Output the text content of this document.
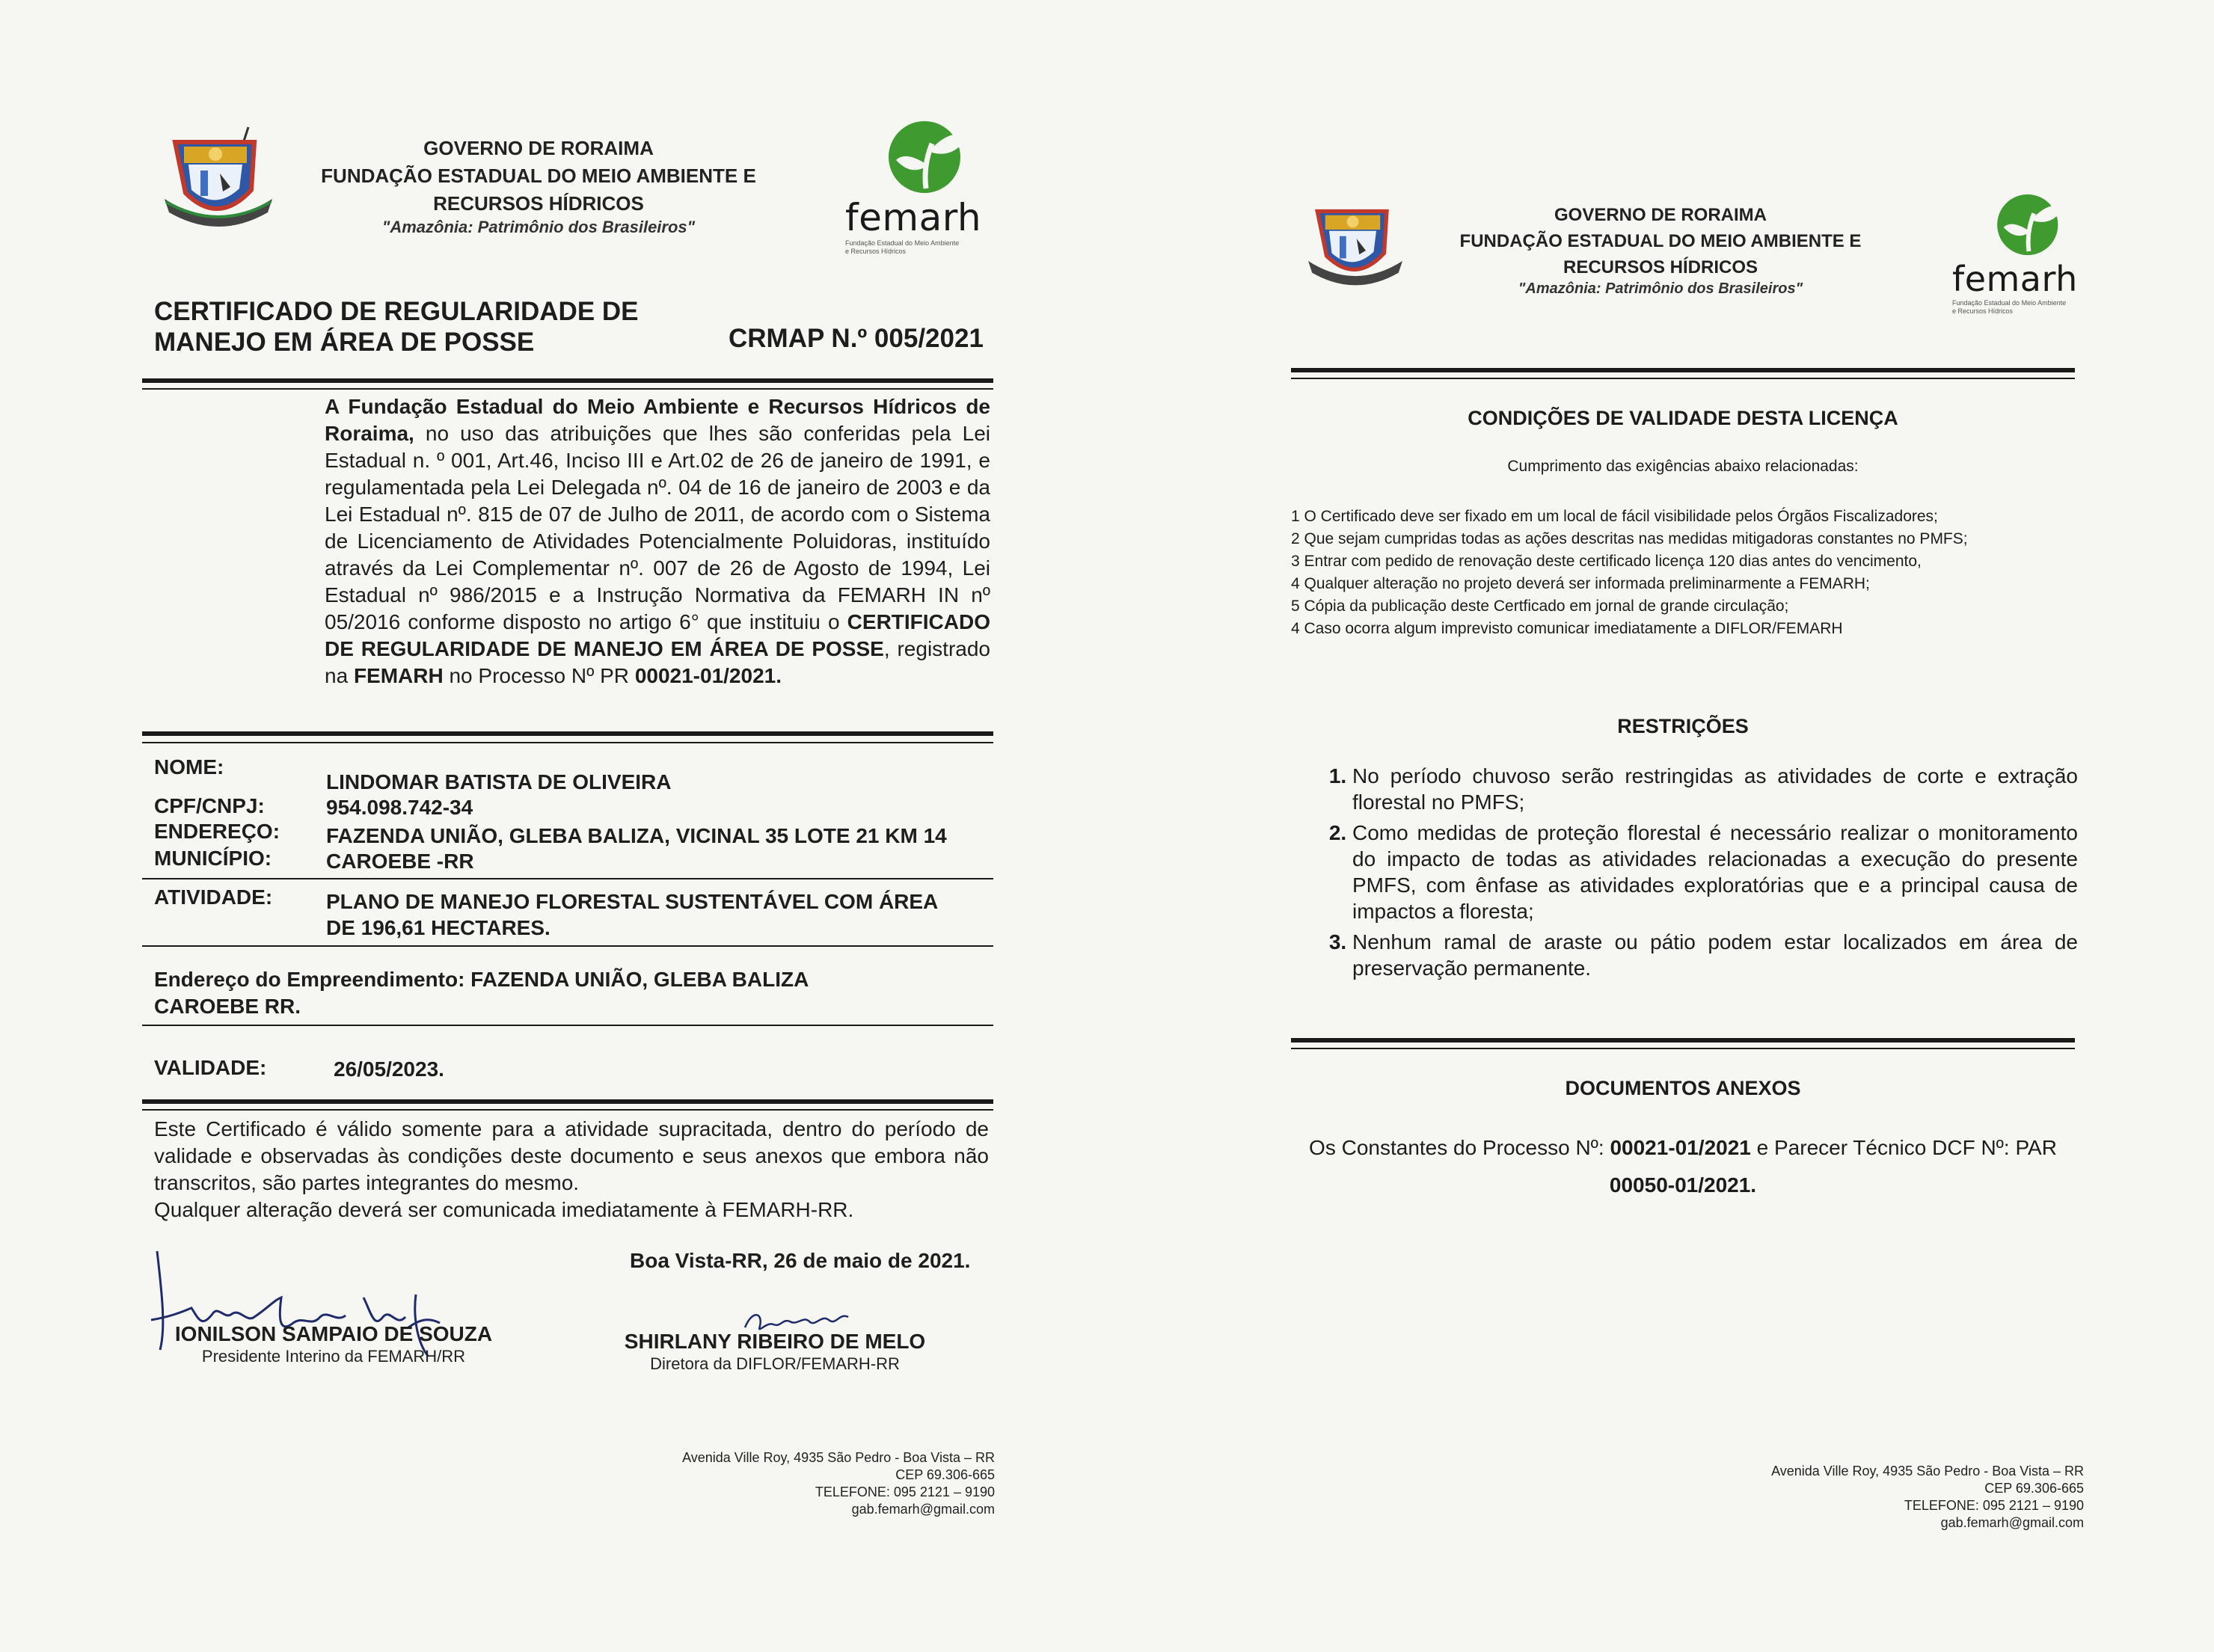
GOVERNO DE RORAIMA
FUNDAÇÃO ESTADUAL DO MEIO AMBIENTE E
RECURSOS HÍDRICOS
"Amazônia: Patrimônio dos Brasileiros"	femarh
Fundação Estadual do Meio Ambiente
e Recursos Hídricos
CERTIFICADO DE REGULARIDADE DE
MANEJO EM ÁREA DE POSSE	CRMAP N.º 005/2021
A Fundação Estadual do Meio Ambiente e Recursos Hídricos de Roraima, no uso das atribuições que lhes são conferidas pela Lei Estadual n. º 001, Art.46, Inciso III e Art.02 de 26 de janeiro de 1991, e regulamentada pela Lei Delegada nº. 04 de 16 de janeiro de 2003 e da Lei Estadual nº. 815 de 07 de Julho de 2011, de acordo com o Sistema de Licenciamento de Atividades Potencialmente Poluidoras, instituído através da Lei Complementar nº. 007 de 26 de Agosto de 1994, Lei Estadual nº 986/2015 e a Instrução Normativa da FEMARH IN nº 05/2016 conforme disposto no artigo 6° que instituiu o CERTIFICADO DE REGULARIDADE DE MANEJO EM ÁREA DE POSSE, registrado na FEMARH no Processo Nº PR 00021-01/2021.
NOME:
LINDOMAR BATISTA DE OLIVEIRA
CPF/CNPJ:	954.098.742-34
ENDEREÇO: FAZENDA UNIÃO, GLEBA BALIZA, VICINAL 35 LOTE 21 KM 14
MUNICÍPIO:	CAROEBE -RR
ATIVIDADE:	PLANO DE MANEJO FLORESTAL SUSTENTÁVEL COM ÁREA
DE 196,61 HECTARES.
Endereço do Empreendimento: FAZENDA UNIÃO, GLEBA BALIZA
CAROEBE RR.
VALIDADE:	26/05/2023.
Este Certificado é válido somente para a atividade supracitada, dentro do período de validade e observadas às condições deste documento e seus anexos que embora não transcritos, são partes integrantes do mesmo.
Qualquer alteração deverá ser comunicada imediatamente à FEMARH-RR.
Boa Vista-RR, 26 de maio de 2021.
IONILSON SAMPAIO DE SOUZA
Presidente Interino da FEMARH/RR
SHIRLANY RIBEIRO DE MELO
Diretora da DIFLOR/FEMARH-RR
Avenida Ville Roy, 4935 São Pedro - Boa Vista – RR
CEP 69.306-665
TELEFONE: 095 2121 – 9190
gab.femarh@gmail.com
GOVERNO DE RORAIMA
FUNDAÇÃO ESTADUAL DO MEIO AMBIENTE E
RECURSOS HÍDRICOS
"Amazônia: Patrimônio dos Brasileiros"	femarh
Fundação Estadual do Meio Ambiente
e Recursos Hídricos
CONDIÇÕES DE VALIDADE DESTA LICENÇA
Cumprimento das exigências abaixo relacionadas:
1 O Certificado deve ser fixado em um local de fácil visibilidade pelos Órgãos Fiscalizadores;
2 Que sejam cumpridas todas as ações descritas nas medidas mitigadoras constantes no PMFS;
3 Entrar com pedido de renovação deste certificado licença 120 dias antes do vencimento,
4 Qualquer alteração no projeto deverá ser informada preliminarmente a FEMARH;
5 Cópia da publicação deste Certficado em jornal de grande circulação;
4 Caso ocorra algum imprevisto comunicar imediatamente a DIFLOR/FEMARH
RESTRIÇÕES
1. No período chuvoso serão restringidas as atividades de corte e extração florestal no PMFS;
2. Como medidas de proteção florestal é necessário realizar o monitoramento do impacto de todas as atividades relacionadas a execução do presente PMFS, com ênfase as atividades exploratórias que e a principal causa de impactos a floresta;
3. Nenhum ramal de araste ou pátio podem estar localizados em área de preservação permanente.
DOCUMENTOS ANEXOS
Os Constantes do Processo Nº: 00021-01/2021 e Parecer Técnico DCF Nº: PAR
00050-01/2021.
Avenida Ville Roy, 4935 São Pedro - Boa Vista – RR
CEP 69.306-665
TELEFONE: 095 2121 – 9190
gab.femarh@gmail.com
